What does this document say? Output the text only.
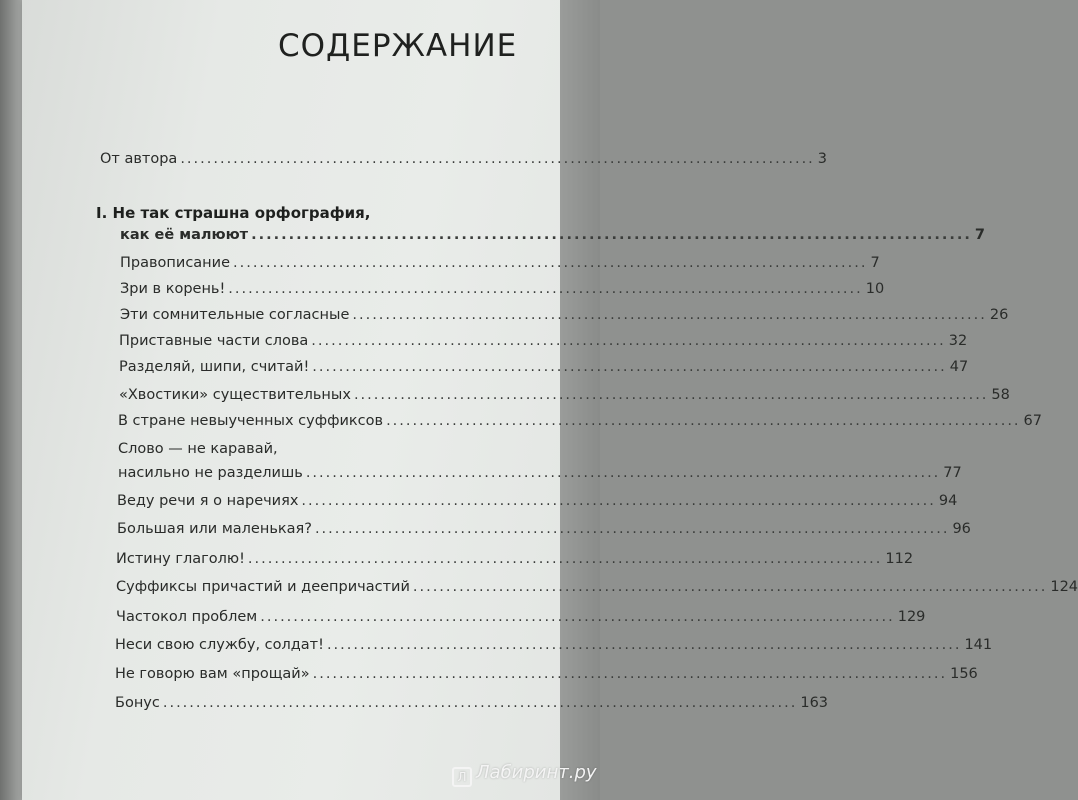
СОДЕРЖАНИЕ
От автора ................................................................................................ 3
I. Не так страшна орфография,
как её малюют ................................................................................................ 7
Правописание ................................................................................................ 7
Зри в корень! ................................................................................................ 10
Эти сомнительные согласные ................................................................................................ 26
Приставные части слова ................................................................................................ 32
Разделяй, шипи, считай! ................................................................................................ 47
«Хвостики» существительных ................................................................................................ 58
В стране невыученных суффиксов ................................................................................................ 67
Слово — не каравай,
насильно не разделишь ................................................................................................ 77
Веду речи я о наречиях ................................................................................................ 94
Большая или маленькая? ................................................................................................ 96
Истину глаголю! ................................................................................................ 112
Суффиксы причастий и деепричастий ................................................................................................ 124
Частокол проблем ................................................................................................ 129
Неси свою службу, солдат! ................................................................................................ 141
Не говорю вам «прощай» ................................................................................................ 156
Бонус ................................................................................................ 163
Л Лабиринт.ру
